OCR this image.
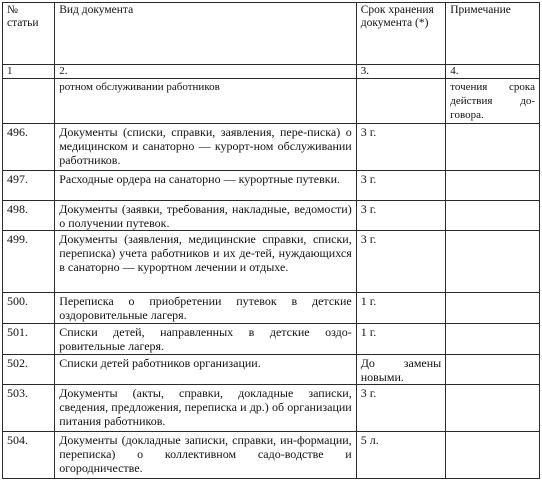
№ статьи	Вид документа	Срок хранения документа (*)	Примечание
1	2.	3.	4.
	ротном обслуживании работников		точения срока действия до-говора.
496.	Документы (списки, справки, заявления, пере-писка) о медицинском и санаторно — курорт-ном обслуживании работников.	3 г.	
497.	Расходные ордера на санаторно — курортные путевки.	3 г.	
498.	Документы (заявки, требования, накладные, ведомости) о получении путевок.	3 г.	
499.	Документы (заявления, медицинские справки, списки, переписка) учета работников и их де-тей, нуждающихся в санаторно — курортном лечении и отдыхе.	3 г.	
500.	Переписка о приобретении путевок в детские оздоровительные лагеря.	1 г.	
501.	Списки детей, направленных в детские оздо-ровительные лагеря.	1 г.	
502.	Списки детей работников организации.	До замены новыми.	
503.	Документы (акты, справки, докладные записки, сведения, предложения, переписка и др.) об организации питания работников.	3 г.	
504.	Документы (докладные записки, справки, ин-формации, переписка) о коллективном садо-водстве и огородничестве.	5 л.	
